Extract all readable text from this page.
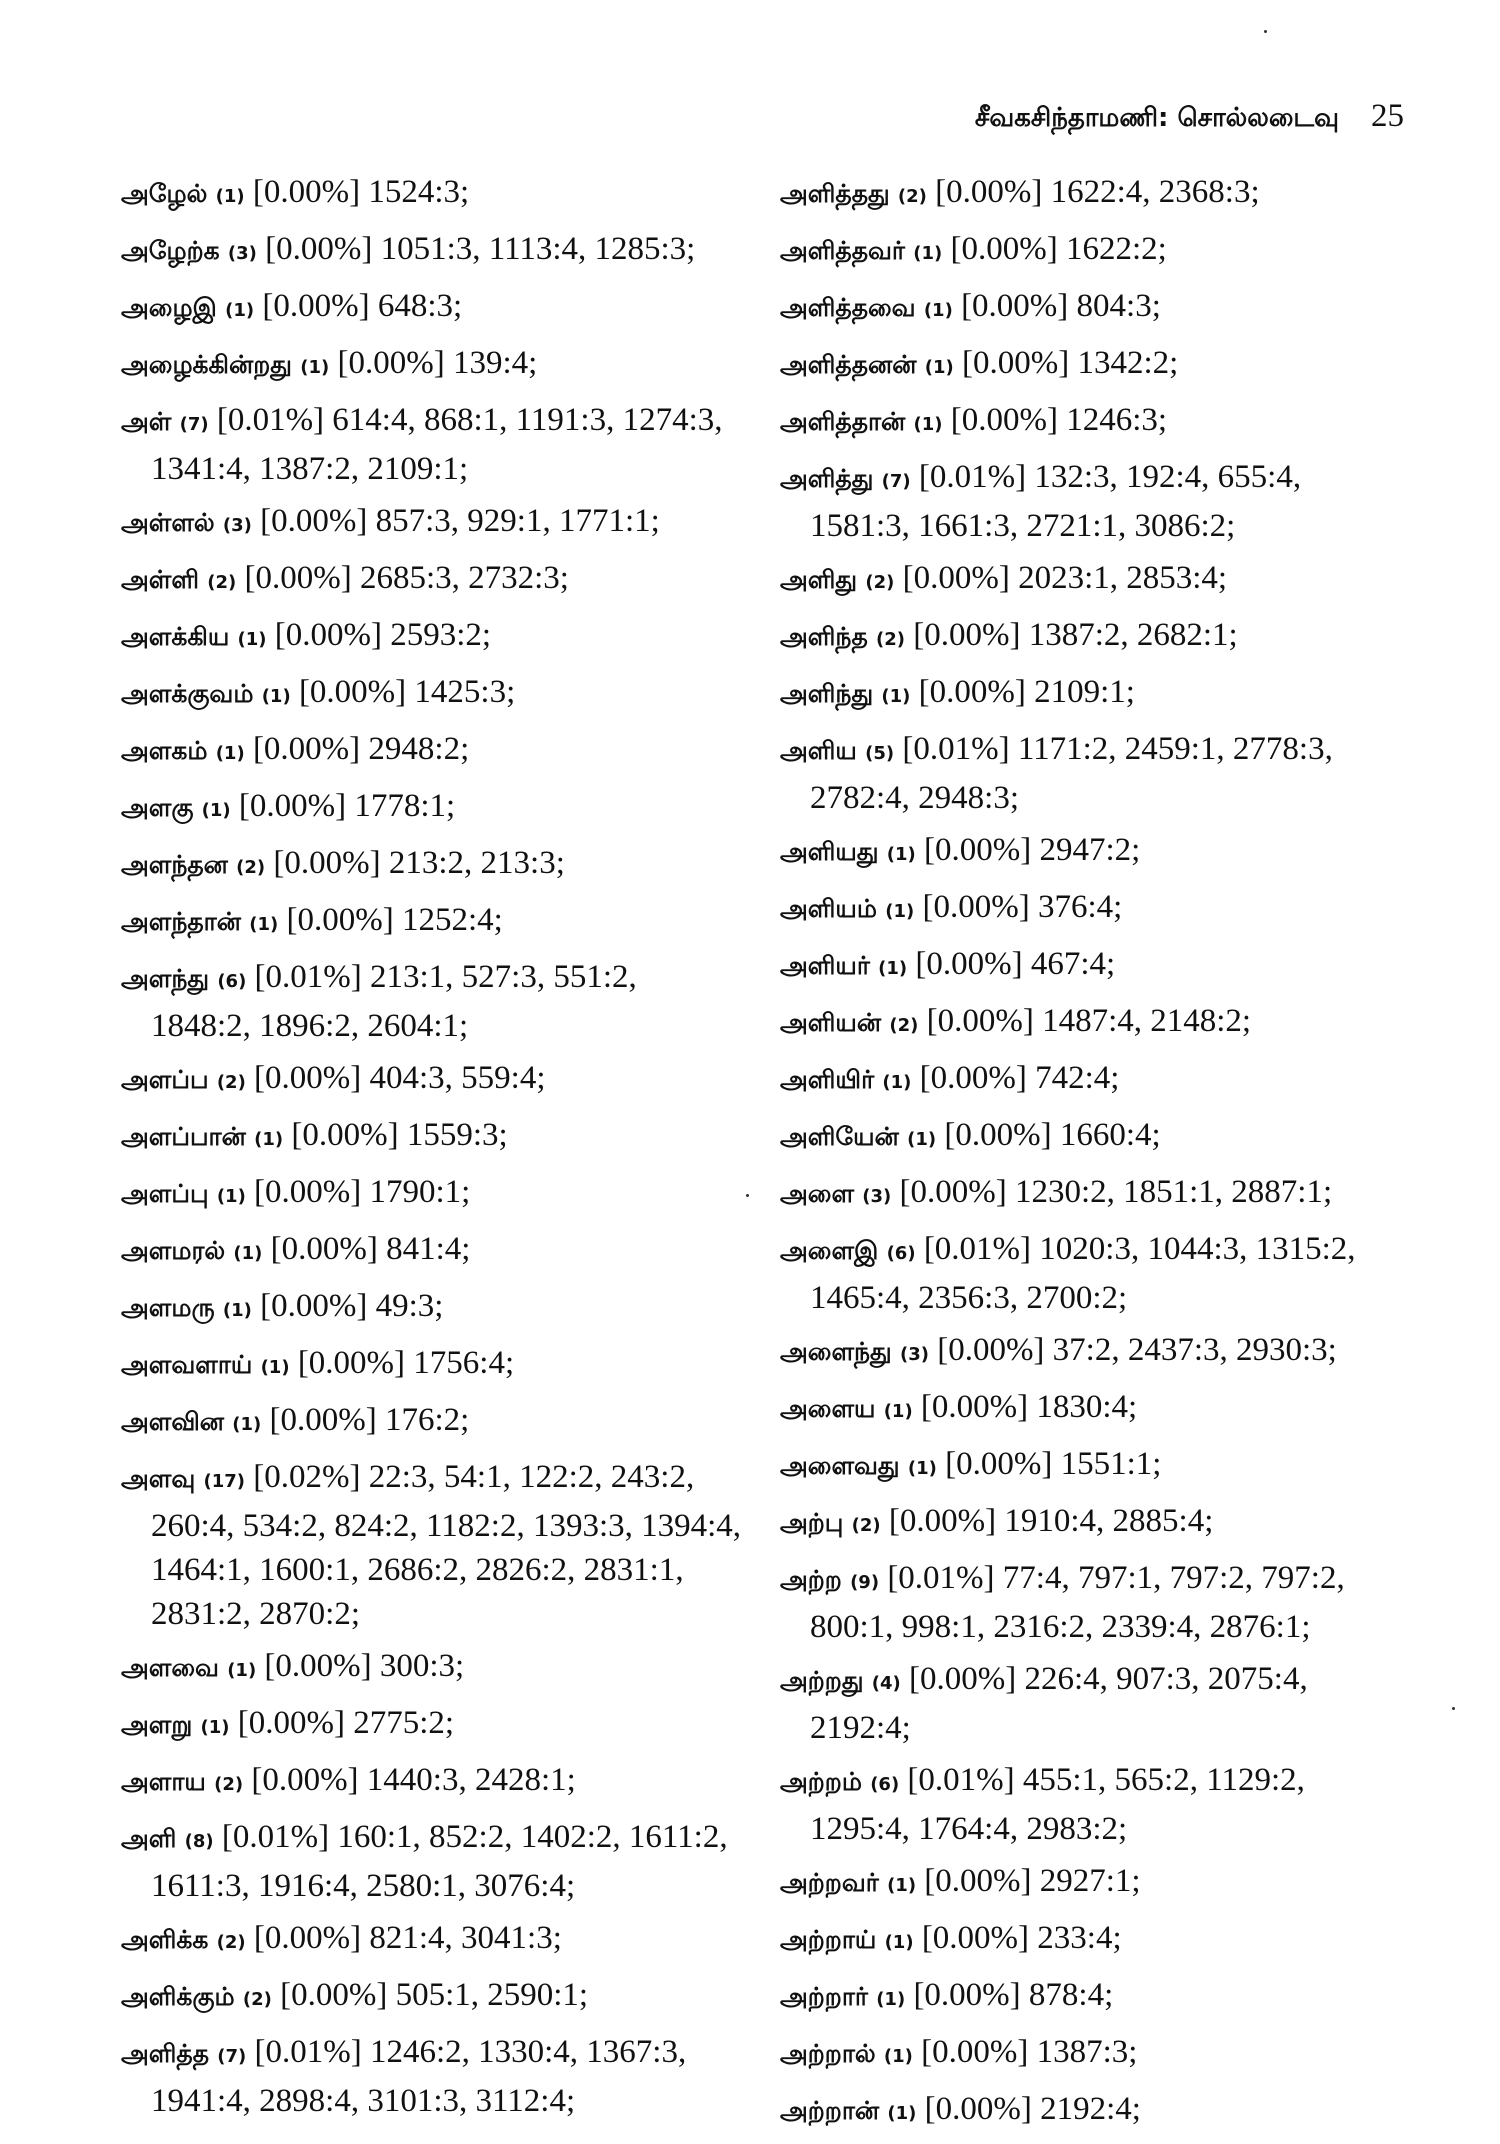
சீவகசிந்தாமணி: சொல்லடைவு 25
அழேல் (1) [0.00%] 1524:3;
அழேற்க (3) [0.00%] 1051:3, 1113:4, 1285:3;
அழைஇ (1) [0.00%] 648:3;
அழைக்கின்றது (1) [0.00%] 139:4;
அள் (7) [0.01%] 614:4, 868:1, 1191:3, 1274:3, 1341:4, 1387:2, 2109:1;
அள்ளல் (3) [0.00%] 857:3, 929:1, 1771:1;
அள்ளி (2) [0.00%] 2685:3, 2732:3;
அளக்கிய (1) [0.00%] 2593:2;
அளக்குவம் (1) [0.00%] 1425:3;
அளகம் (1) [0.00%] 2948:2;
அளகு (1) [0.00%] 1778:1;
அளந்தன (2) [0.00%] 213:2, 213:3;
அளந்தான் (1) [0.00%] 1252:4;
அளந்து (6) [0.01%] 213:1, 527:3, 551:2, 1848:2, 1896:2, 2604:1;
அளப்ப (2) [0.00%] 404:3, 559:4;
அளப்பான் (1) [0.00%] 1559:3;
அளப்பு (1) [0.00%] 1790:1;
அளமரல் (1) [0.00%] 841:4;
அளமரு (1) [0.00%] 49:3;
அளவளாய் (1) [0.00%] 1756:4;
அளவின (1) [0.00%] 176:2;
அளவு (17) [0.02%] 22:3, 54:1, 122:2, 243:2, 260:4, 534:2, 824:2, 1182:2, 1393:3, 1394:4, 1464:1, 1600:1, 2686:2, 2826:2, 2831:1, 2831:2, 2870:2;
அளவை (1) [0.00%] 300:3;
அளறு (1) [0.00%] 2775:2;
அளாய (2) [0.00%] 1440:3, 2428:1;
அளி (8) [0.01%] 160:1, 852:2, 1402:2, 1611:2, 1611:3, 1916:4, 2580:1, 3076:4;
அளிக்க (2) [0.00%] 821:4, 3041:3;
அளிக்கும் (2) [0.00%] 505:1, 2590:1;
அளித்த (7) [0.01%] 1246:2, 1330:4, 1367:3, 1941:4, 2898:4, 3101:3, 3112:4;
அளித்தது (2) [0.00%] 1622:4, 2368:3;
அளித்தவர் (1) [0.00%] 1622:2;
அளித்தவை (1) [0.00%] 804:3;
அளித்தனன் (1) [0.00%] 1342:2;
அளித்தான் (1) [0.00%] 1246:3;
அளித்து (7) [0.01%] 132:3, 192:4, 655:4, 1581:3, 1661:3, 2721:1, 3086:2;
அளிது (2) [0.00%] 2023:1, 2853:4;
அளிந்த (2) [0.00%] 1387:2, 2682:1;
அளிந்து (1) [0.00%] 2109:1;
அளிய (5) [0.01%] 1171:2, 2459:1, 2778:3, 2782:4, 2948:3;
அளியது (1) [0.00%] 2947:2;
அளியம் (1) [0.00%] 376:4;
அளியர் (1) [0.00%] 467:4;
அளியன் (2) [0.00%] 1487:4, 2148:2;
அளியிர் (1) [0.00%] 742:4;
அளியேன் (1) [0.00%] 1660:4;
அளை (3) [0.00%] 1230:2, 1851:1, 2887:1;
அளைஇ (6) [0.01%] 1020:3, 1044:3, 1315:2, 1465:4, 2356:3, 2700:2;
அளைந்து (3) [0.00%] 37:2, 2437:3, 2930:3;
அளைய (1) [0.00%] 1830:4;
அளைவது (1) [0.00%] 1551:1;
அற்பு (2) [0.00%] 1910:4, 2885:4;
அற்ற (9) [0.01%] 77:4, 797:1, 797:2, 797:2, 800:1, 998:1, 2316:2, 2339:4, 2876:1;
அற்றது (4) [0.00%] 226:4, 907:3, 2075:4, 2192:4;
அற்றம் (6) [0.01%] 455:1, 565:2, 1129:2, 1295:4, 1764:4, 2983:2;
அற்றவர் (1) [0.00%] 2927:1;
அற்றாய் (1) [0.00%] 233:4;
அற்றார் (1) [0.00%] 878:4;
அற்றால் (1) [0.00%] 1387:3;
அற்றான் (1) [0.00%] 2192:4;
